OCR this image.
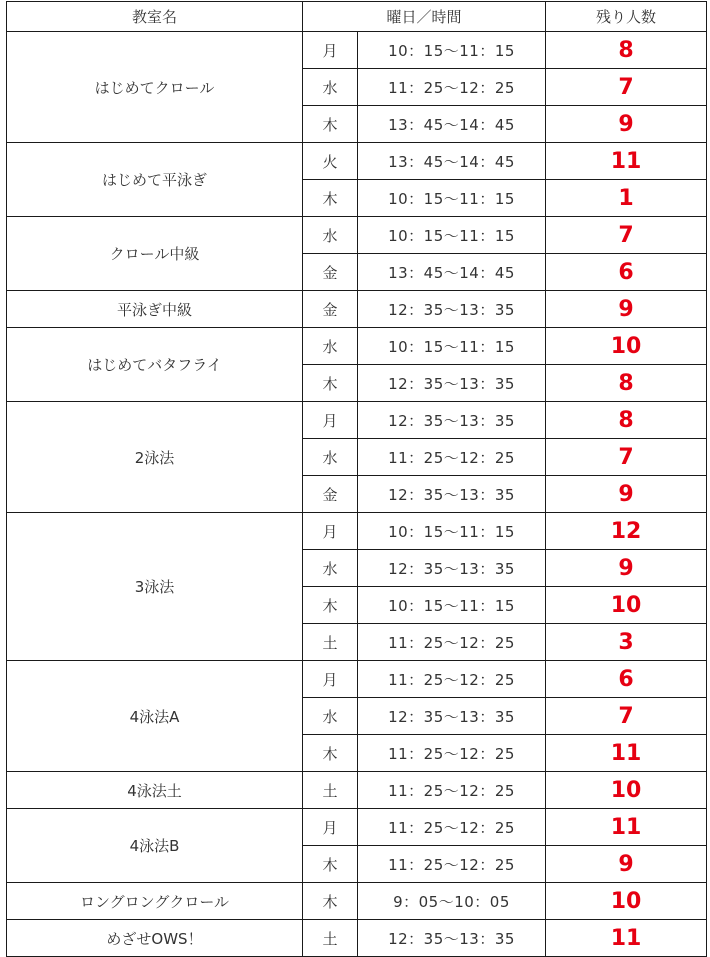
教室名	曜日／時間		残り人数
はじめてクロール	月	10：15～11：15	8
	水	11：25～12：25	7
	木	13：45～14：45	9
はじめて平泳ぎ	火	13：45～14：45	11
	木	10：15～11：15	1
クロール中級	水	10：15～11：15	7
	金	13：45～14：45	6
平泳ぎ中級	金	12：35～13：35	9
はじめてバタフライ	水	10：15～11：15	10
	木	12：35～13：35	8
2泳法	月	12：35～13：35	8
	水	11：25～12：25	7
	金	12：35～13：35	9
3泳法	月	10：15～11：15	12
	水	12：35～13：35	9
	木	10：15～11：15	10
	土	11：25～12：25	3
4泳法A	月	11：25～12：25	6
	水	12：35～13：35	7
	木	11：25～12：25	11
4泳法土	土	11：25～12：25	10
4泳法B	月	11：25～12：25	11
	木	11：25～12：25	9
ロングロングクロール	木	9：05～10：05	10
めざせOWS！	土	12：35～13：35	11
